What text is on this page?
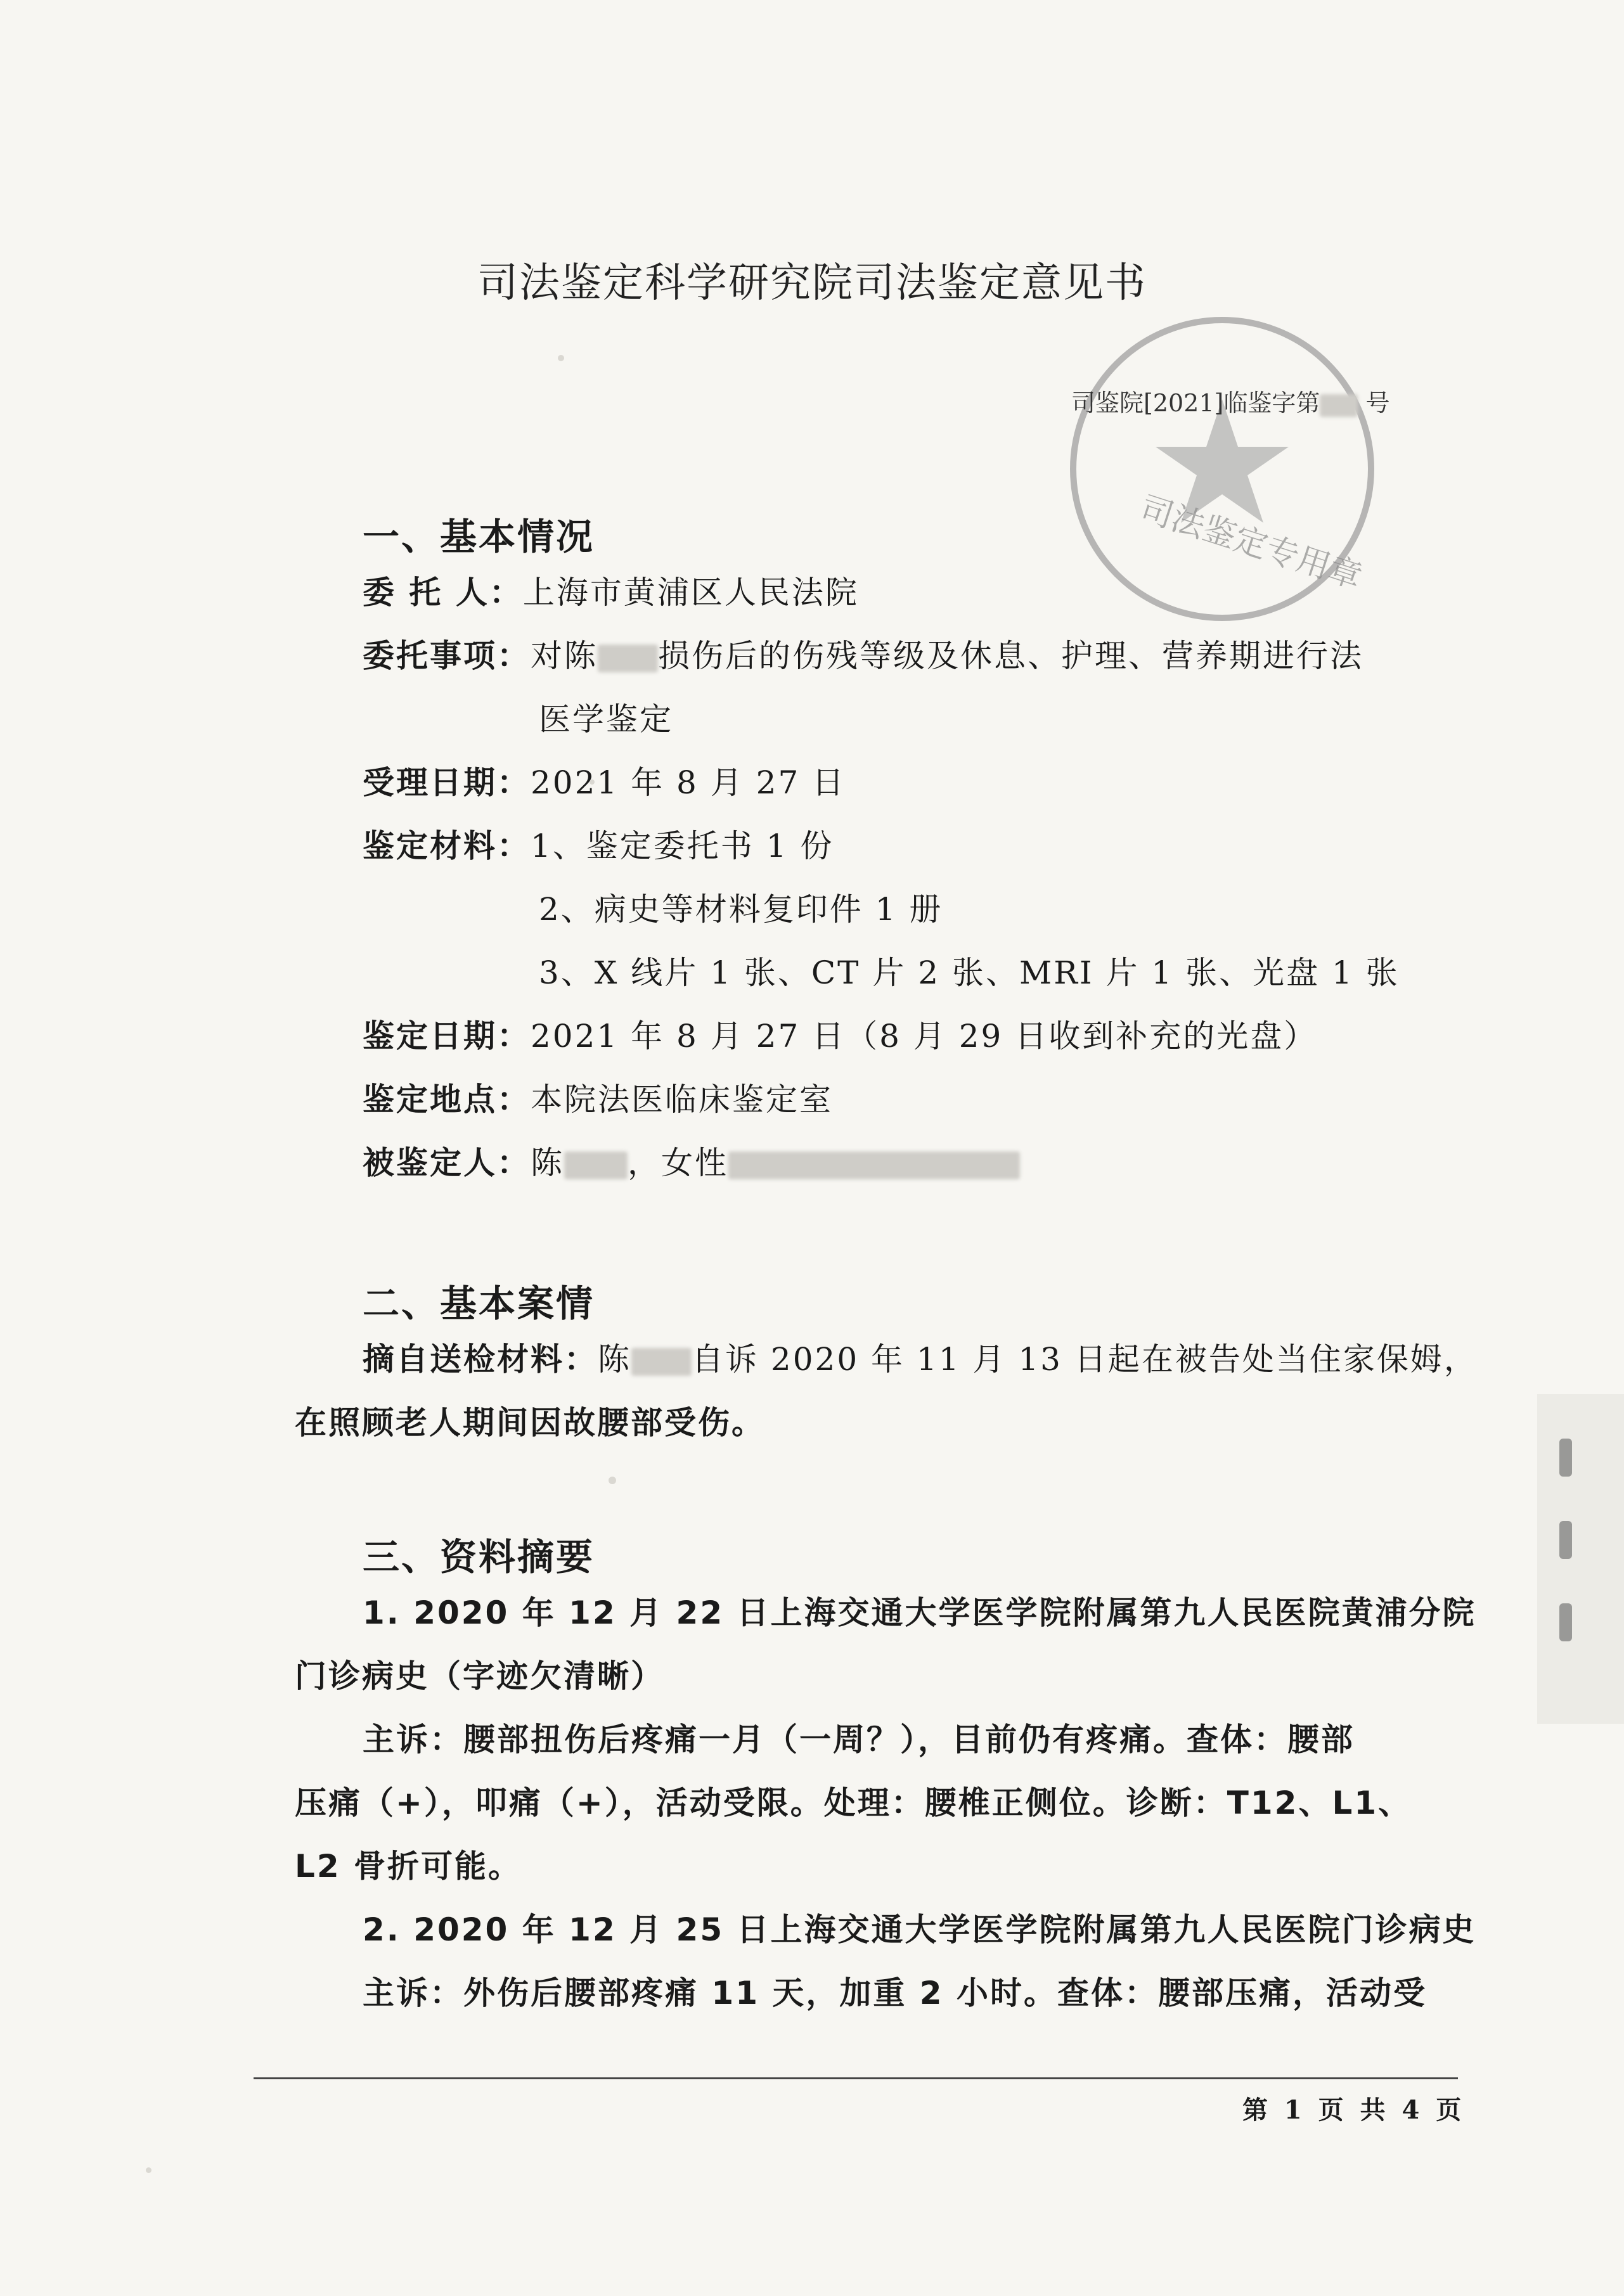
司法鉴定科学研究院司法鉴定意见书
司法鉴定专用章
司鉴院[2021]临鉴字第 号
一、基本情况
委 托 人：上海市黄浦区人民法院
委托事项：对陈 损伤后的伤残等级及休息、护理、营养期进行法
医学鉴定
受理日期：2021 年 8 月 27 日
鉴定材料：1、鉴定委托书 1 份
2、病史等材料复印件 1 册
3、X 线片 1 张、CT 片 2 张、MRI 片 1 张、光盘 1 张
鉴定日期：2021 年 8 月 27 日（8 月 29 日收到补充的光盘）
鉴定地点：本院法医临床鉴定室
被鉴定人：陈 ，女性
二、基本案情
摘自送检材料：陈 自诉 2020 年 11 月 13 日起在被告处当住家保姆，
在照顾老人期间因故腰部受伤。
三、资料摘要
1. 2020 年 12 月 22 日上海交通大学医学院附属第九人民医院黄浦分院
门诊病史（字迹欠清晰）
主诉：腰部扭伤后疼痛一月（一周？），目前仍有疼痛。查体：腰部
压痛（+），叩痛（+），活动受限。处理：腰椎正侧位。诊断：T12、L1、
L2 骨折可能。
2. 2020 年 12 月 25 日上海交通大学医学院附属第九人民医院门诊病史
主诉：外伤后腰部疼痛 11 天，加重 2 小时。查体：腰部压痛，活动受
第 1 页 共 4 页
